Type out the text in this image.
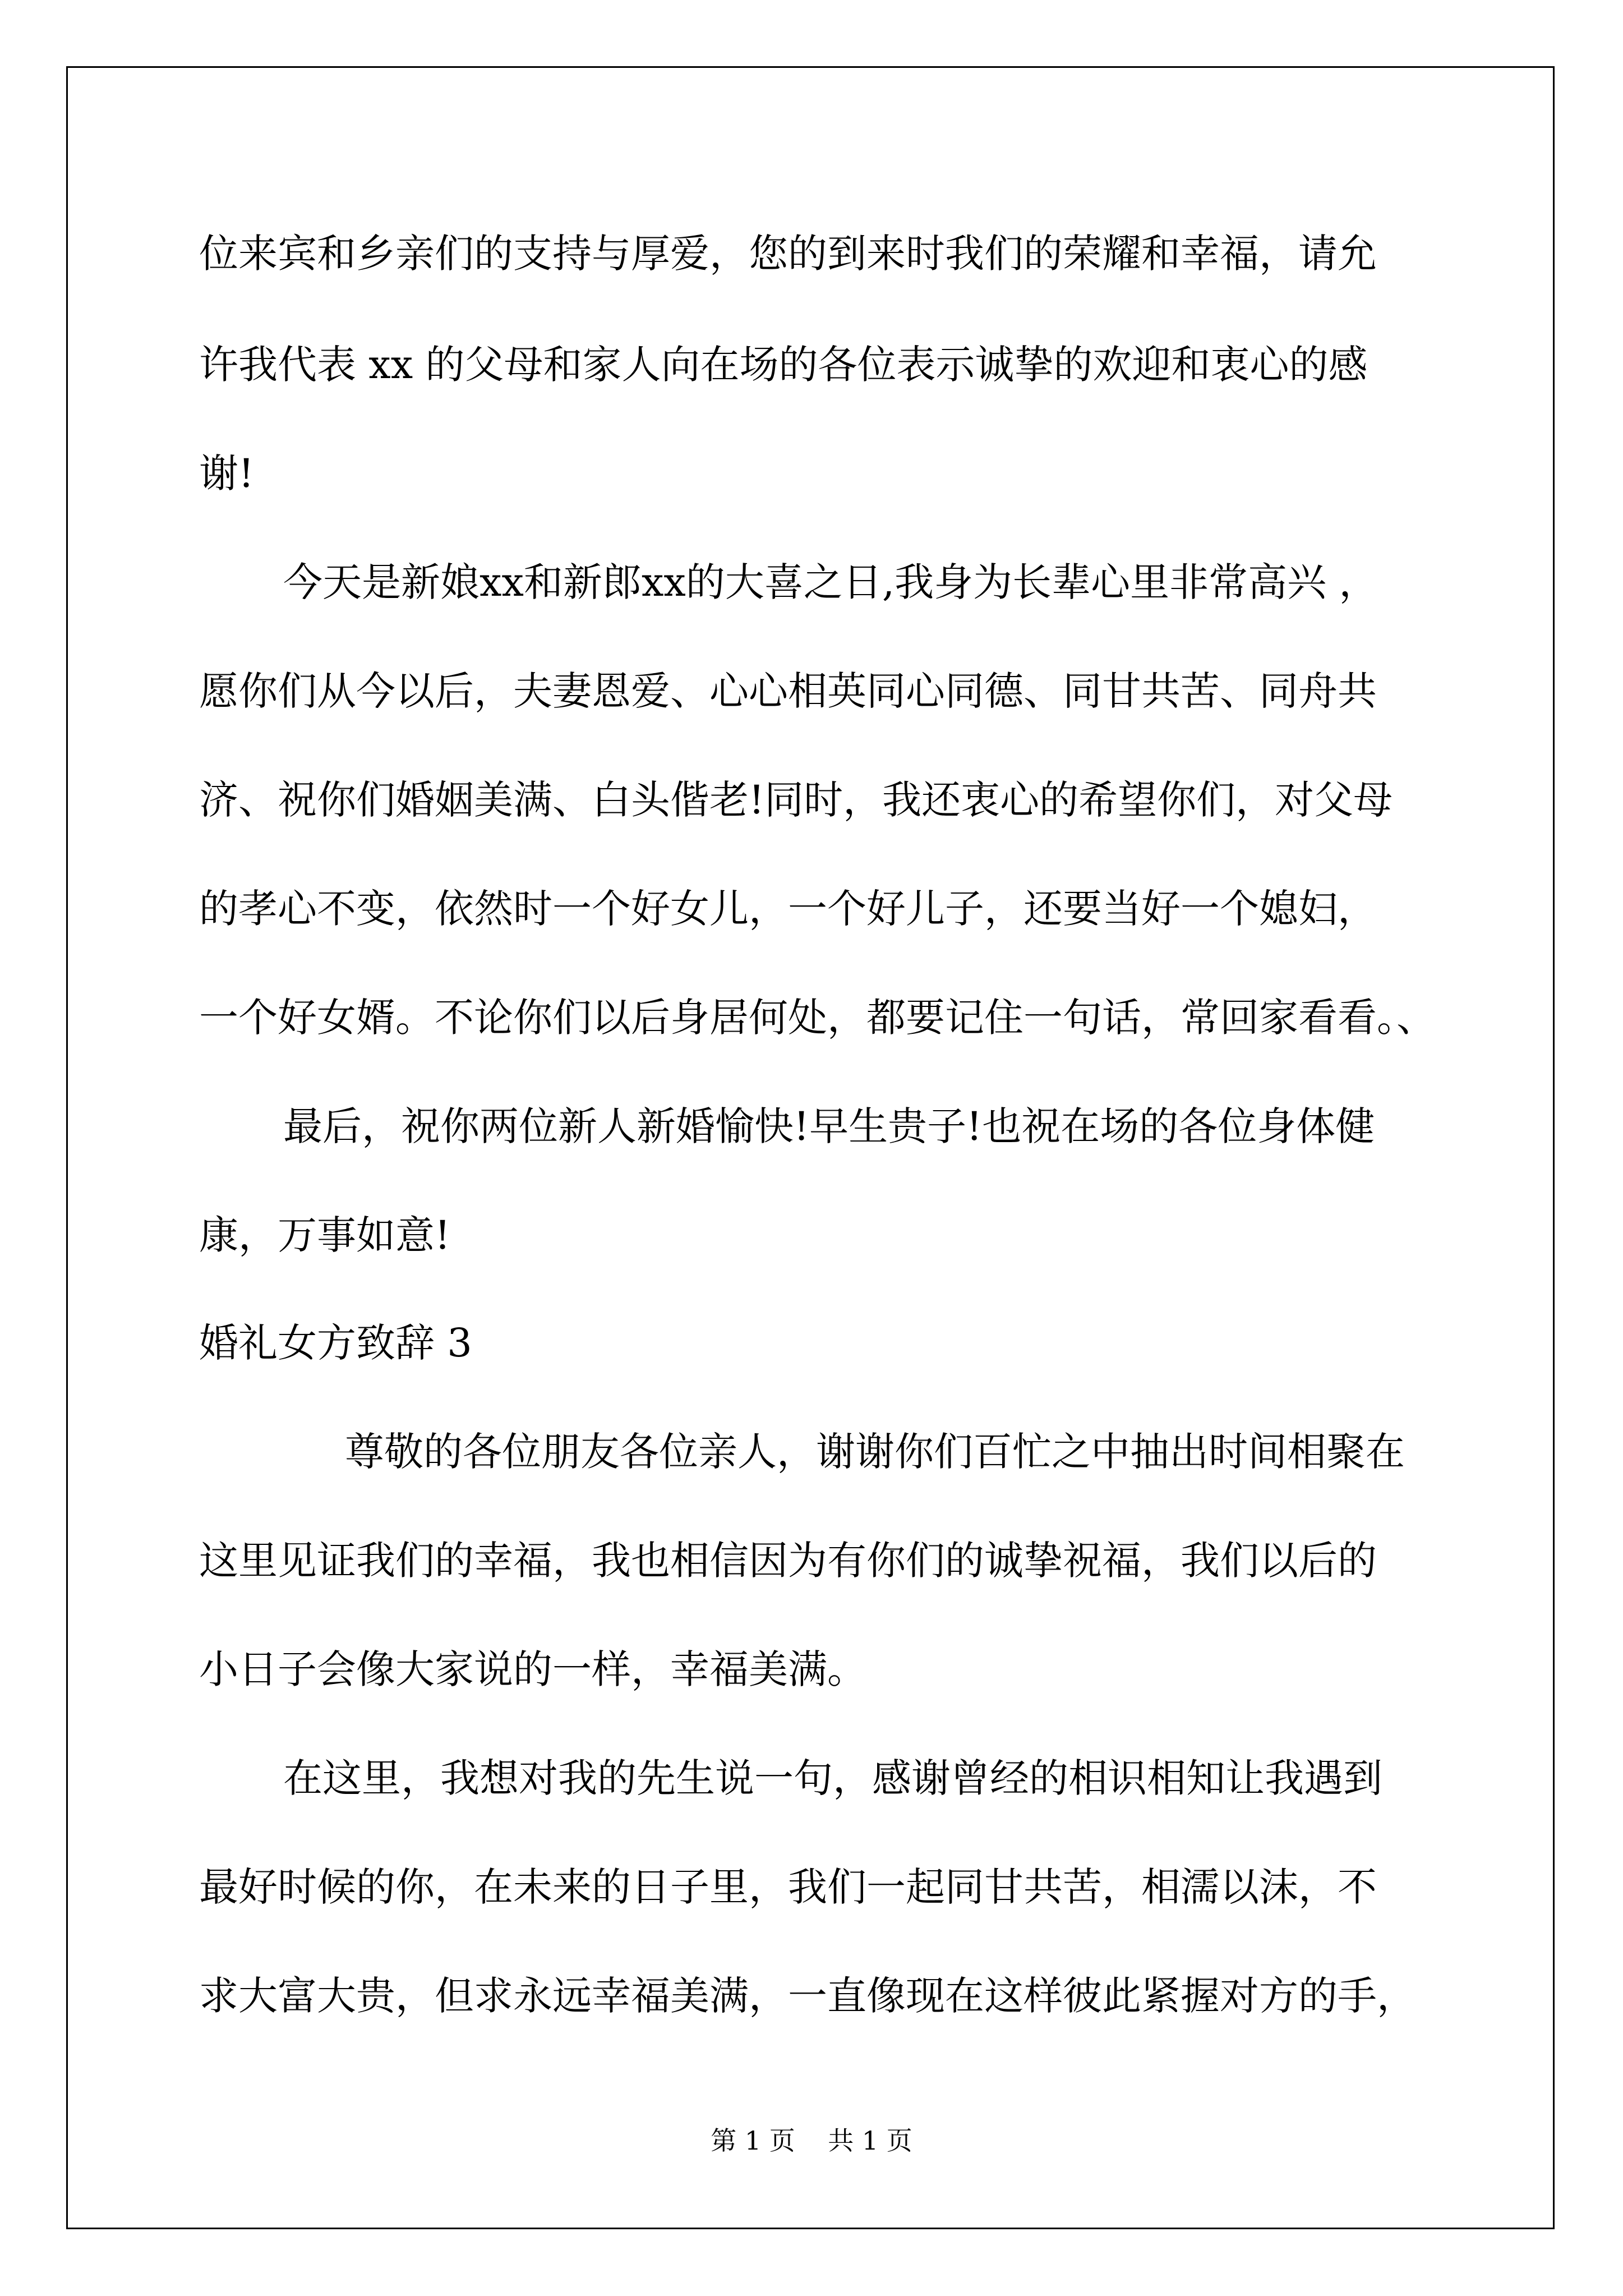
位来宾和乡亲们的支持与厚爱，您的到来时我们的荣耀和幸福，请允
许我代表 xx 的父母和家人向在场的各位表示诚挚的欢迎和衷心的感
谢!
今天是新娘xx和新郎xx的大喜之日,我身为长辈心里非常高兴 ，
愿你们从今以后，夫妻恩爱、心心相英同心同德、同甘共苦、同舟共
济、祝你们婚姻美满、白头偕老!同时，我还衷心的希望你们，对父母
的孝心不变，依然时一个好女儿，一个好儿子，还要当好一个媳妇，
一个好女婿。不论你们以后身居何处，都要记住一句话，常回家看看。、
最后，祝你两位新人新婚愉快!早生贵子!也祝在场的各位身体健
康，万事如意!
婚礼女方致辞 3
尊敬的各位朋友各位亲人，谢谢你们百忙之中抽出时间相聚在
这里见证我们的幸福，我也相信因为有你们的诚挚祝福，我们以后的
小日子会像大家说的一样，幸福美满。
在这里，我想对我的先生说一句，感谢曾经的相识相知让我遇到
最好时候的你，在未来的日子里，我们一起同甘共苦，相濡以沫，不
求大富大贵，但求永远幸福美满，一直像现在这样彼此紧握对方的手，
第 1 页    共 1 页
